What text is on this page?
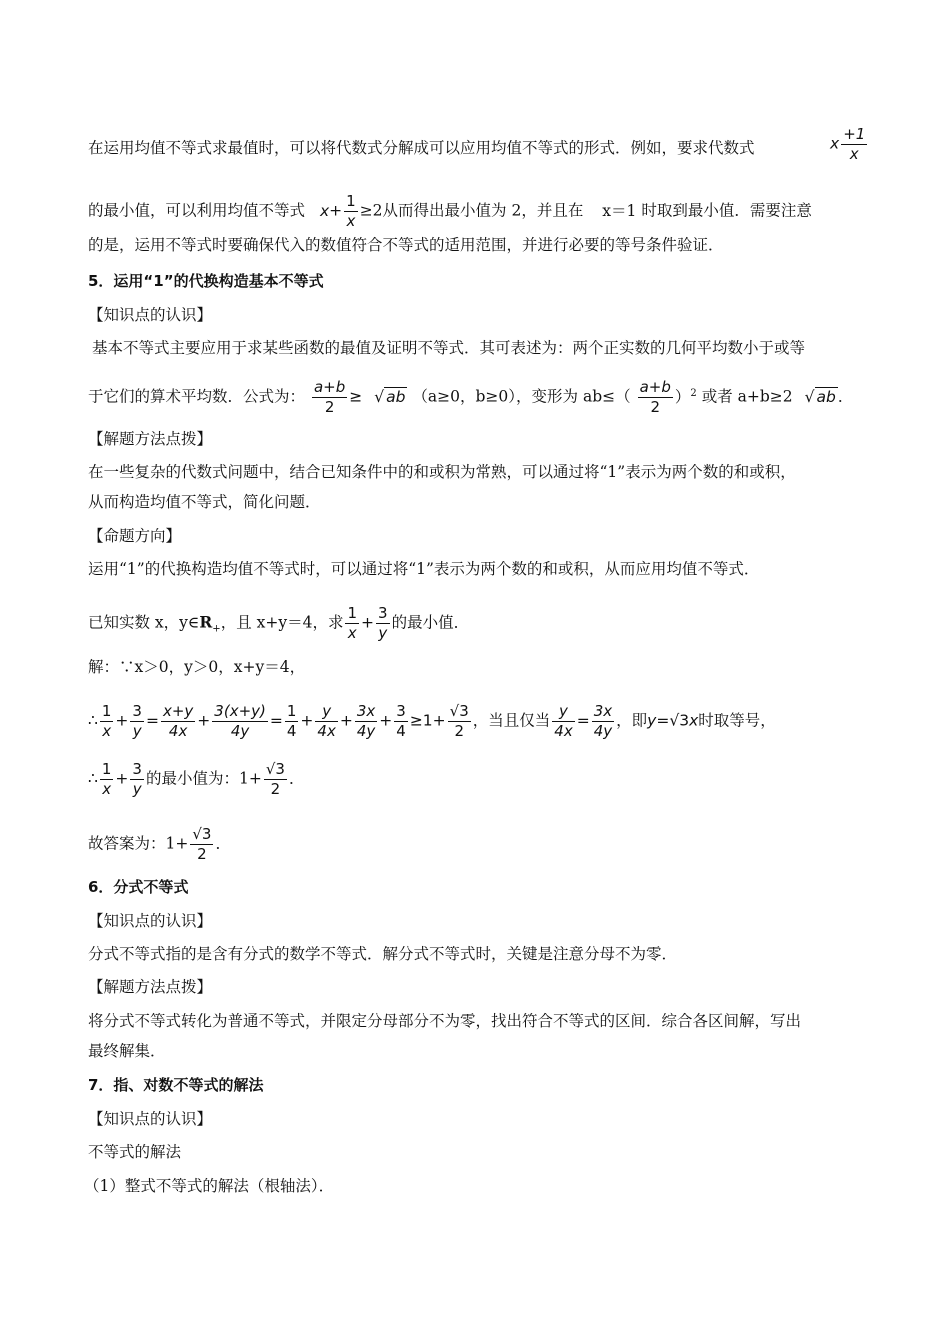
在运用均值不等式求最值时，可以将代数式分解成可以应用均值不等式的形式．例如，要求代数式	x $\frac{+1}{x}$
的最小值，可以利用均值不等式 $x+ \frac{1}{x} \ge 2$从而得出最小值为 2，并且在 x＝1 时取到最小值．需要注意
的是，运用不等式时要确保代入的数值符合不等式的适用范围，并进行必要的等号条件验证．
5．运用“1”的代换构造基本不等式
【知识点的认识】
基本不等式主要应用于求某些函数的最值及证明不等式．其可表述为：两个正实数的几何平均数小于或等
于它们的算术平均数．公式为： $\frac{a+b}{2}$ ≥ √ ab （a≥0，b≥0），变形为 $ab\le( \frac{a+b}{2} )^2$ 或者 a+b≥2 √ ab ．
【解题方法点拨】
在一些复杂的代数式问题中，结合已知条件中的和或积为常熟，可以通过将“1”表示为两个数的和或积，
从而构造均值不等式，简化问题．
【命题方向】
运用“1”的代换构造均值不等式时，可以通过将“1”表示为两个数的和或积，从而应用均值不等式．
已知实数 x，$y\in R_+$，且 x+y＝4，求 $\frac{1}{x} + \frac{3}{y}$ 的最小值．
解：∵x＞0，y＞0，x+y＝4，
∴ $\frac{1}{x} + \frac{3}{y} = \frac{x+y}{4x} + \frac{3(x+y)}{4y} = \frac{1}{4} + \frac{y}{4x} + \frac{3x}{4y} + \frac{3}{4} \ge 1+ \frac{√3}{2}$ ，当且仅当 $\frac{y}{4x} = \frac{3x}{4y}$ ，即y=√3x时取等号，
∴ $\frac{1}{x} + \frac{3}{y}$ 的最小值为：$1+ \frac{√3}{2}$ ．
故答案为：$1+ \frac{√3}{2}$ ．
6．分式不等式
【知识点的认识】
分式不等式指的是含有分式的数学不等式．解分式不等式时，关键是注意分母不为零．
【解题方法点拨】
将分式不等式转化为普通不等式，并限定分母部分不为零，找出符合不等式的区间．综合各区间解，写出
最终解集．
7．指、对数不等式的解法
【知识点的认识】
不等式的解法
（1）整式不等式的解法（根轴法）．
